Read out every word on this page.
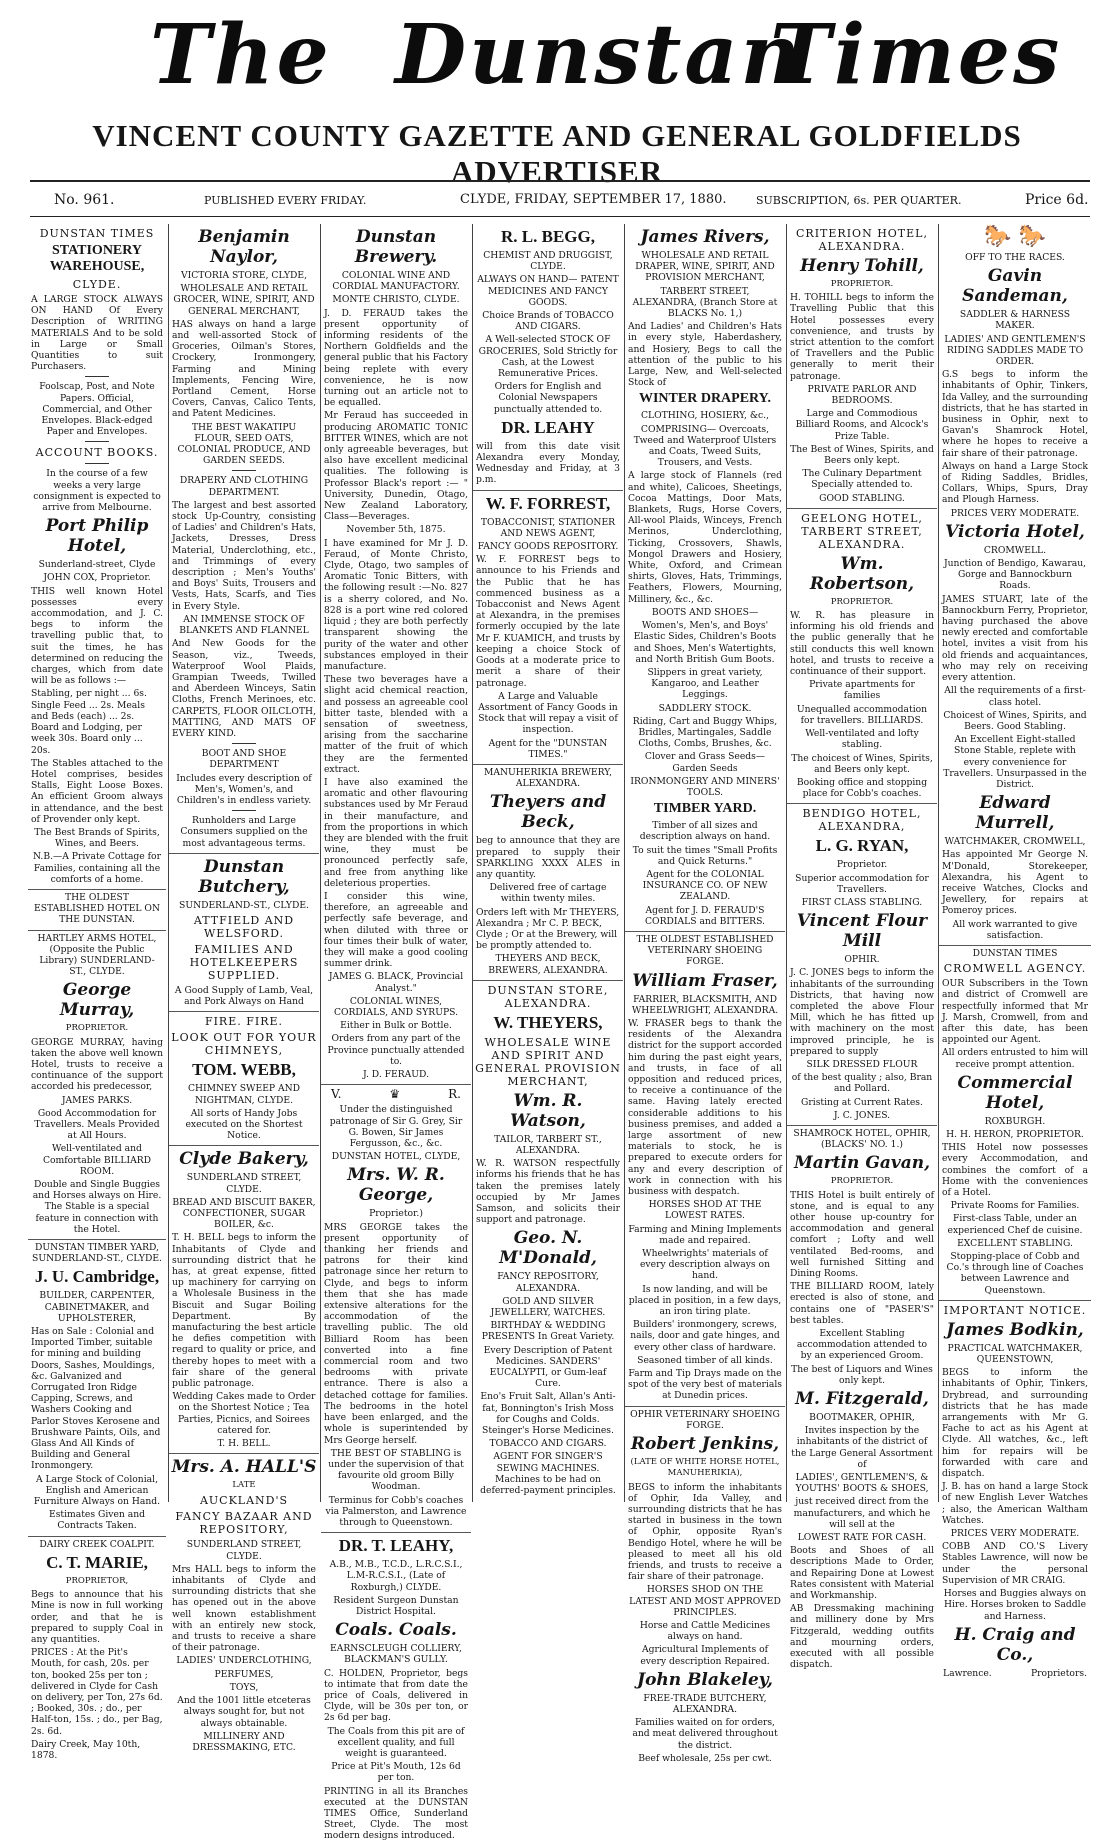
The Dunstan
Times
VINCENT COUNTY GAZETTE AND GENERAL GOLDFIELDS ADVERTISER
No. 961.	PUBLISHED EVERY FRIDAY.	CLYDE, FRIDAY, SEPTEMBER 17, 1880.	SUBSCRIPTION, 6s. PER QUARTER.	Price 6d.
DUNSTAN TIMES
STATIONERY WAREHOUSE,
CLYDE.

A LARGE STOCK ALWAYS ON HAND Of Every Description of WRITING MATERIALS And to be sold in Large or Small Quantities to suit Purchasers.

Foolscap, Post, and Note Papers. Official, Commercial, and Other Envelopes. Black-edged Paper and Envelopes.

ACCOUNT BOOKS.

In the course of a few weeks a very large consignment is expected to arrive from Melbourne.

Port Philip Hotel,

Sunderland-street, Clyde

JOHN COX, Proprietor.

THIS well known Hotel possesses every accommodation, and J. C. begs to inform the travelling public that, to suit the times, he has determined on reducing the charges, which from date will be as follows :—

Stabling, per night ... 6s. Single Feed ... 2s. Meals and Beds (each) ... 2s. Board and Lodging, per week 30s. Board only ... 20s.

The Stables attached to the Hotel comprises, besides Stalls, Eight Loose Boxes. An efficient Groom always in attendance, and the best of Provender only kept.

The Best Brands of Spirits, Wines, and Beers.

N.B.—A Private Cottage for Families, containing all the comforts of a home.

THE OLDEST ESTABLISHED HOTEL ON THE DUNSTAN.

HARTLEY ARMS HOTEL, (Opposite the Public Library) SUNDERLAND-ST., CLYDE.

George Murray,

PROPRIETOR.

GEORGE MURRAY, having taken the above well known Hotel, trusts to receive a continuance of the support accorded his predecessor,

JAMES PARKS.

Good Accommodation for Travellers. Meals Provided at All Hours.

Well-ventilated and Comfortable BILLIARD ROOM.

Double and Single Buggies and Horses always on Hire. The Stable is a special feature in connection with the Hotel.

DUNSTAN TIMBER YARD, SUNDERLAND-ST., CLYDE.

J. U. Cambridge,

BUILDER, CARPENTER, CABINETMAKER, and UPHOLSTERER,

Has on Sale : Colonial and Imported Timber, suitable for mining and building Doors, Sashes, Mouldings, &c. Galvanized and Corrugated Iron Ridge Capping, Screws, and Washers Cooking and Parlor Stoves Kerosene and Brushware Paints, Oils, and Glass And All Kinds of Building and General Ironmongery.

A Large Stock of Colonial, English and American Furniture Always on Hand.

Estimates Given and Contracts Taken.

DAIRY CREEK COALPIT.

C. T. MARIE,

PROPRIETOR,

Begs to announce that his Mine is now in full working order, and that he is prepared to supply Coal in any quantities.

PRICES : At the Pit's Mouth, for cash, 20s. per ton, booked 25s per ton ; delivered in Clyde for Cash on delivery, per Ton, 27s 6d. ; Booked, 30s. ; do., per Half-ton, 15s. ; do., per Bag, 2s. 6d.

Dairy Creek, May 10th, 1878.

Benjamin Naylor,

VICTORIA STORE, CLYDE,

WHOLESALE AND RETAIL GROCER, WINE, SPIRIT, AND GENERAL MERCHANT,

HAS always on hand a large and well-assorted Stock of Groceries, Oilman's Stores, Crockery, Ironmongery, Farming and Mining Implements, Fencing Wire, Portland Cement, Horse Covers, Canvas, Calico Tents, and Patent Medicines.

THE BEST WAKATIPU FLOUR, SEED OATS, COLONIAL PRODUCE, AND GARDEN SEEDS.

DRAPERY AND CLOTHING DEPARTMENT.

The largest and best assorted stock Up-Country, consisting of Ladies' and Children's Hats, Jackets, Dresses, Dress Material, Underclothing, etc., and Trimmings of every description ; Men's Youths' and Boys' Suits, Trousers and Vests, Hats, Scarfs, and Ties in Every Style.

AN IMMENSE STOCK OF BLANKETS AND FLANNEL

And New Goods for the Season, viz., Tweeds, Waterproof Wool Plaids, Grampian Tweeds, Twilled and Aberdeen Winceys, Satin Cloths, French Merinoes, etc. CARPETS, FLOOR OILCLOTH, MATTING, AND MATS OF EVERY KIND.

BOOT AND SHOE DEPARTMENT

Includes every description of Men's, Women's, and Children's in endless variety.

Runholders and Large Consumers supplied on the most advantageous terms.

Dunstan Butchery,

SUNDERLAND-ST., CLYDE.

ATTFIELD AND WELSFORD.
FAMILIES AND HOTELKEEPERS SUPPLIED.

A Good Supply of Lamb, Veal, and Pork Always on Hand

FIRE. FIRE.
LOOK OUT FOR YOUR CHIMNEYS,
TOM. WEBB,

CHIMNEY SWEEP AND NIGHTMAN, CLYDE.

All sorts of Handy Jobs executed on the Shortest Notice.

Clyde Bakery,

SUNDERLAND STREET, CLYDE.

BREAD AND BISCUIT BAKER, CONFECTIONER, SUGAR BOILER, &c.

T. H. BELL begs to inform the Inhabitants of Clyde and surrounding district that he has, at great expense, fitted up machinery for carrying on a Wholesale Business in the Biscuit and Sugar Boiling Department. By manufacturing the best article he defies competition with regard to quality or price, and thereby hopes to meet with a fair share of the general public patronage.

Wedding Cakes made to Order on the Shortest Notice ; Tea Parties, Picnics, and Soirees catered for.

T. H. BELL.

Mrs. A. HALL'S

LATE

AUCKLAND'S
FANCY BAZAAR AND REPOSITORY,

SUNDERLAND STREET, CLYDE.

Mrs HALL begs to inform the inhabitants of Clyde and surrounding districts that she has opened out in the above well known establishment with an entirely new stock, and trusts to receive a share of their patronage.

LADIES' UNDERCLOTHING,

PERFUMES,

TOYS,

And the 1001 little etceteras always sought for, but not always obtainable.

MILLINERY AND DRESSMAKING, ETC.

Dunstan Brewery.

COLONIAL WINE AND CORDIAL MANUFACTORY.

MONTE CHRISTO, CLYDE.

J. D. FERAUD takes the present opportunity of informing residents of the Northern Goldfields and the general public that his Factory being replete with every convenience, he is now turning out an article not to be equalled.

Mr Feraud has succeeded in producing AROMATIC TONIC BITTER WINES, which are not only agreeable beverages, but also have excellent medicinal qualities. The following is Professor Black's report :— " University, Dunedin, Otago, New Zealand Laboratory, Class—Beverages.

November 5th, 1875.

I have examined for Mr J. D. Feraud, of Monte Christo, Clyde, Otago, two samples of Aromatic Tonic Bitters, with the following result :—No. 827 is a sherry colored, and No. 828 is a port wine red colored liquid ; they are both perfectly transparent showing the purity of the water and other substances employed in their manufacture.

These two beverages have a slight acid chemical reaction, and possess an agreeable cool bitter taste, blended with a sensation of sweetness, arising from the saccharine matter of the fruit of which they are the fermented extract.

I have also examined the aromatic and other flavouring substances used by Mr Feraud in their manufacture, and from the proportions in which they are blended with the fruit wine, they must be pronounced perfectly safe, and free from anything like deleterious properties.

I consider this wine, therefore, an agreeable and perfectly safe beverage, and when diluted with three or four times their bulk of water, they will make a good cooling summer drink.

JAMES G. BLACK, Provincial Analyst."

COLONIAL WINES, CORDIALS, AND SYRUPS.

Either in Bulk or Bottle.

Orders from any part of the Province punctually attended to.

J. D. FERAUD.

V.	♛	R.

Under the distinguished patronage of Sir G. Grey, Sir G. Bowen, Sir James Fergusson, &c., &c.

DUNSTAN HOTEL, CLYDE,

Mrs. W. R. George,

Proprietor.)

MRS GEORGE takes the present opportunity of thanking her friends and patrons for their kind patronage since her return to Clyde, and begs to inform them that she has made extensive alterations for the accommodation of the travelling public. The old Billiard Room has been converted into a fine commercial room and two bedrooms with private entrance. There is also a detached cottage for families. The bedrooms in the hotel have been enlarged, and the whole is superintended by Mrs George herself.

THE BEST OF STABLING is under the supervision of that favourite old groom Billy Woodman.

Terminus for Cobb's coaches via Palmerston, and Lawrence through to Queenstown.

DR. T. LEAHY,

A.B., M.B., T.C.D., L.R.C.S.I., L.M-R.C.S.I., (Late of Roxburgh,) CLYDE.

Resident Surgeon Dunstan District Hospital.

Coals. Coals.

EARNSCLEUGH COLLIERY, BLACKMAN'S GULLY.

C. HOLDEN, Proprietor, begs to intimate that from date the price of Coals, delivered in Clyde, will be 30s per ton, or 2s 6d per bag.

The Coals from this pit are of excellent quality, and full weight is guaranteed.

Price at Pit's Mouth, 12s 6d per ton.

PRINTING in all its Branches executed at the DUNSTAN TIMES Office, Sunderland Street, Clyde. The most modern designs introduced.

R. L. BEGG,

CHEMIST AND DRUGGIST, CLYDE.

ALWAYS ON HAND— PATENT MEDICINES AND FANCY GOODS.

Choice Brands of TOBACCO AND CIGARS.

A Well-selected STOCK OF GROCERIES, Sold Strictly for Cash, at the Lowest Remunerative Prices.

Orders for English and Colonial Newspapers punctually attended to.

DR. LEAHY

will from this date visit Alexandra every Monday, Wednesday and Friday, at 3 p.m.

W. F. FORREST,

TOBACCONIST, STATIONER AND NEWS AGENT,

FANCY GOODS REPOSITORY.

W. F. FORREST begs to announce to his Friends and the Public that he has commenced business as a Tobacconist and News Agent at Alexandra, in the premises formerly occupied by the late Mr F. KUAMICH, and trusts by keeping a choice Stock of Goods at a moderate price to merit a share of their patronage.

A Large and Valuable Assortment of Fancy Goods in Stock that will repay a visit of inspection.

Agent for the "DUNSTAN TIMES."

MANUHERIKIA BREWERY, ALEXANDRA.

Theyers and Beck,

beg to announce that they are prepared to supply their SPARKLING XXXX ALES in any quantity.

Delivered free of cartage within twenty miles.

Orders left with Mr THEYERS, Alexandra ; Mr C. P. BECK, Clyde ; Or at the Brewery, will be promptly attended to.

THEYERS AND BECK, BREWERS, ALEXANDRA.

DUNSTAN STORE, ALEXANDRA.
W. THEYERS,
WHOLESALE WINE AND SPIRIT AND GENERAL PROVISION MERCHANT,
Wm. R. Watson,

TAILOR, TARBERT ST., ALEXANDRA.

W. R. WATSON respectfully informs his friends that he has taken the premises lately occupied by Mr James Samson, and solicits their support and patronage.

Geo. N. M'Donald,

FANCY REPOSITORY, ALEXANDRA.

GOLD AND SILVER JEWELLERY, WATCHES.

BIRTHDAY & WEDDING PRESENTS In Great Variety.

Every Description of Patent Medicines. SANDERS' EUCALYPTI, or Gum-leaf Cure.

Eno's Fruit Salt, Allan's Anti-fat, Bonnington's Irish Moss for Coughs and Colds. Steinger's Horse Medicines.

TOBACCO AND CIGARS.

AGENT FOR SINGER'S SEWING MACHINES. Machines to be had on deferred-payment principles.

James Rivers,

WHOLESALE AND RETAIL DRAPER, WINE, SPIRIT, AND PROVISION MERCHANT,

TARBERT STREET, ALEXANDRA, (Branch Store at BLACKS No. 1,)

And Ladies' and Children's Hats in every style, Haberdashery, and Hosiery, Begs to call the attention of the public to his Large, New, and Well-selected Stock of

WINTER DRAPERY.

CLOTHING, HOSIERY, &c.,

COMPRISING— Overcoats, Tweed and Waterproof Ulsters and Coats, Tweed Suits, Trousers, and Vests.

A large stock of Flannels (red and white), Calicoes, Sheetings, Cocoa Mattings, Door Mats, Blankets, Rugs, Horse Covers, All-wool Plaids, Winceys, French Merinos, Underclothing, Ticking, Crossovers, Shawls, Mongol Drawers and Hosiery, White, Oxford, and Crimean shirts, Gloves, Hats, Trimmings, Feathers, Flowers, Mourning, Millinery, &c., &c.

BOOTS AND SHOES—

Women's, Men's, and Boys' Elastic Sides, Children's Boots and Shoes, Men's Watertights, and North British Gum Boots.

Slippers in great variety, Kangaroo, and Leather Leggings.

SADDLERY STOCK.

Riding, Cart and Buggy Whips, Bridles, Martingales, Saddle Cloths, Combs, Brushes, &c.

Clover and Grass Seeds—Garden Seeds

IRONMONGERY AND MINERS' TOOLS.

TIMBER YARD.

Timber of all sizes and description always on hand.

To suit the times "Small Profits and Quick Returns."

Agent for the COLONIAL INSURANCE CO. OF NEW ZEALAND.

Agent for J. D. FERAUD'S CORDIALS and BITTERS.

THE OLDEST ESTABLISHED VETERINARY SHOEING FORGE.

William Fraser,

FARRIER, BLACKSMITH, AND WHEELWRIGHT, ALEXANDRA.

W. FRASER begs to thank the residents of the Alexandra district for the support accorded him during the past eight years, and trusts, in face of all opposition and reduced prices, to receive a continuance of the same. Having lately erected considerable additions to his business premises, and added a large assortment of new materials to stock, he is prepared to execute orders for any and every description of work in connection with his business with despatch.

HORSES SHOD AT THE LOWEST RATES.

Farming and Mining Implements made and repaired.

Wheelwrights' materials of every description always on hand.

Is now landing, and will be placed in position, in a few days, an iron tiring plate.

Builders' ironmongery, screws, nails, door and gate hinges, and every other class of hardware.

Seasoned timber of all kinds.

Farm and Tip Drays made on the spot of the very best of materials at Dunedin prices.

OPHIR VETERINARY SHOEING FORGE.

Robert Jenkins,

(LATE OF WHITE HORSE HOTEL, MANUHERIKIA),

BEGS to inform the inhabitants of Ophir, Ida Valley, and surrounding districts that he has started in business in the town of Ophir, opposite Ryan's Bendigo Hotel, where he will be pleased to meet all his old friends, and trusts to receive a fair share of their patronage.

HORSES SHOD ON THE LATEST AND MOST APPROVED PRINCIPLES.

Horse and Cattle Medicines always on hand.

Agricultural Implements of every description Repaired.

John Blakeley,

FREE-TRADE BUTCHERY, ALEXANDRA.

Families waited on for orders, and meat delivered throughout the district.

Beef wholesale, 25s per cwt.

CRITERION HOTEL, ALEXANDRA.
Henry Tohill,

PROPRIETOR.

H. TOHILL begs to inform the Travelling Public that this Hotel possesses every convenience, and trusts by strict attention to the comfort of Travellers and the Public generally to merit their patronage.

PRIVATE PARLOR AND BEDROOMS.

Large and Commodious Billiard Rooms, and Alcock's Prize Table.

The Best of Wines, Spirits, and Beers only kept.

The Culinary Department Specially attended to.

GOOD STABLING.

GEELONG HOTEL, TARBERT STREET, ALEXANDRA.
Wm. Robertson,

PROPRIETOR.

W. R. has pleasure in informing his old friends and the public generally that he still conducts this well known hotel, and trusts to receive a continuance of their support.

Private apartments for families

Unequalled accommodation for travellers. BILLIARDS.

Well-ventilated and lofty stabling.

The choicest of Wines, Spirits, and Beers only kept.

Booking office and stopping place for Cobb's coaches.

BENDIGO HOTEL, ALEXANDRA,
L. G. RYAN,

Proprietor.

Superior accommodation for Travellers.

FIRST CLASS STABLING.

Vincent Flour Mill

OPHIR.

J. C. JONES begs to inform the inhabitants of the surrounding Districts, that having now completed the above Flour Mill, which he has fitted up with machinery on the most improved principle, he is prepared to supply

SILK DRESSED FLOUR

of the best quality ; also, Bran and Pollard.

Gristing at Current Rates.

J. C. JONES.

SHAMROCK HOTEL, OPHIR, (BLACKS' NO. 1.)

Martin Gavan,

PROPRIETOR.

THIS Hotel is built entirely of stone, and is equal to any other house up-country for accommodation and general comfort ; Lofty and well ventilated Bed-rooms, and well furnished Sitting and Dining Rooms.

THE BILLIARD ROOM, lately erected is also of stone, and contains one of "PASER'S" best tables.

Excellent Stabling accommodation attended to by an experienced Groom.

The best of Liquors and Wines only kept.

M. Fitzgerald,

BOOTMAKER, OPHIR,

Invites inspection by the inhabitants of the district of the Large General Assortment of

LADIES', GENTLEMEN'S, & YOUTHS' BOOTS & SHOES,

just received direct from the manufacturers, and which he will sell at the

LOWEST RATE FOR CASH.

Boots and Shoes of all descriptions Made to Order, and Repairing Done at Lowest Rates consistent with Material and Workmanship.

AB Dressmaking machining and millinery done by Mrs Fitzgerald, wedding outfits and mourning orders, executed with all possible dispatch.

🐎 🐎

OFF TO THE RACES.

Gavin Sandeman,

SADDLER & HARNESS MAKER.

LADIES' AND GENTLEMEN'S RIDING SADDLES MADE TO ORDER.

G.S begs to inform the inhabitants of Ophir, Tinkers, Ida Valley, and the surrounding districts, that he has started in business in Ophir, next to Gavan's Shamrock Hotel, where he hopes to receive a fair share of their patronage.

Always on hand a Large Stock of Riding Saddles, Bridles, Collars, Whips, Spurs, Dray and Plough Harness.

PRICES VERY MODERATE.

Victoria Hotel,

CROMWELL.

Junction of Bendigo, Kawarau, Gorge and Bannockburn Roads.

JAMES STUART, late of the Bannockburn Ferry, Proprietor, having purchased the above newly erected and comfortable hotel, invites a visit from his old friends and acquaintances, who may rely on receiving every attention.

All the requirements of a first-class hotel.

Choicest of Wines, Spirits, and Beers. Good Stabling.

An Excellent Eight-stalled Stone Stable, replete with every convenience for Travellers. Unsurpassed in the District.

Edward Murrell,

WATCHMAKER, CROMWELL,

Has appointed Mr George N. M'Donald, Storekeeper, Alexandra, his Agent to receive Watches, Clocks and Jewellery, for repairs at Pomeroy prices.

All work warranted to give satisfaction.

DUNSTAN TIMES

CROMWELL AGENCY.

OUR Subscribers in the Town and district of Cromwell are respectfully informed that Mr J. Marsh, Cromwell, from and after this date, has been appointed our Agent.

All orders entrusted to him will receive prompt attention.

Commercial Hotel,

ROXBURGH.

H. H. HERON, PROPRIETOR.

THIS Hotel now possesses every Accommodation, and combines the comfort of a Home with the conveniences of a Hotel.

Private Rooms for Families.

First-class Table, under an experienced Chef de cuisine.

EXCELLENT STABLING.

Stopping-place of Cobb and Co.'s through line of Coaches between Lawrence and Queenstown.

IMPORTANT NOTICE.
James Bodkin,

PRACTICAL WATCHMAKER, QUEENSTOWN,

BEGS to inform the inhabitants of Ophir, Tinkers, Drybread, and surrounding districts that he has made arrangements with Mr G. Fache to act as his Agent at Clyde. All watches, &c., left him for repairs will be forwarded with care and dispatch.

J. B. has on hand a large Stock of new English Lever Watches ; also, the American Waltham Watches.

PRICES VERY MODERATE.

COBB AND CO.'S Livery Stables Lawrence, will now be under the personal Supervision of MR CRAIG.

Horses and Buggies always on Hire. Horses broken to Saddle and Harness.

H. Craig and Co.,
Lawrence.	Proprietors.
